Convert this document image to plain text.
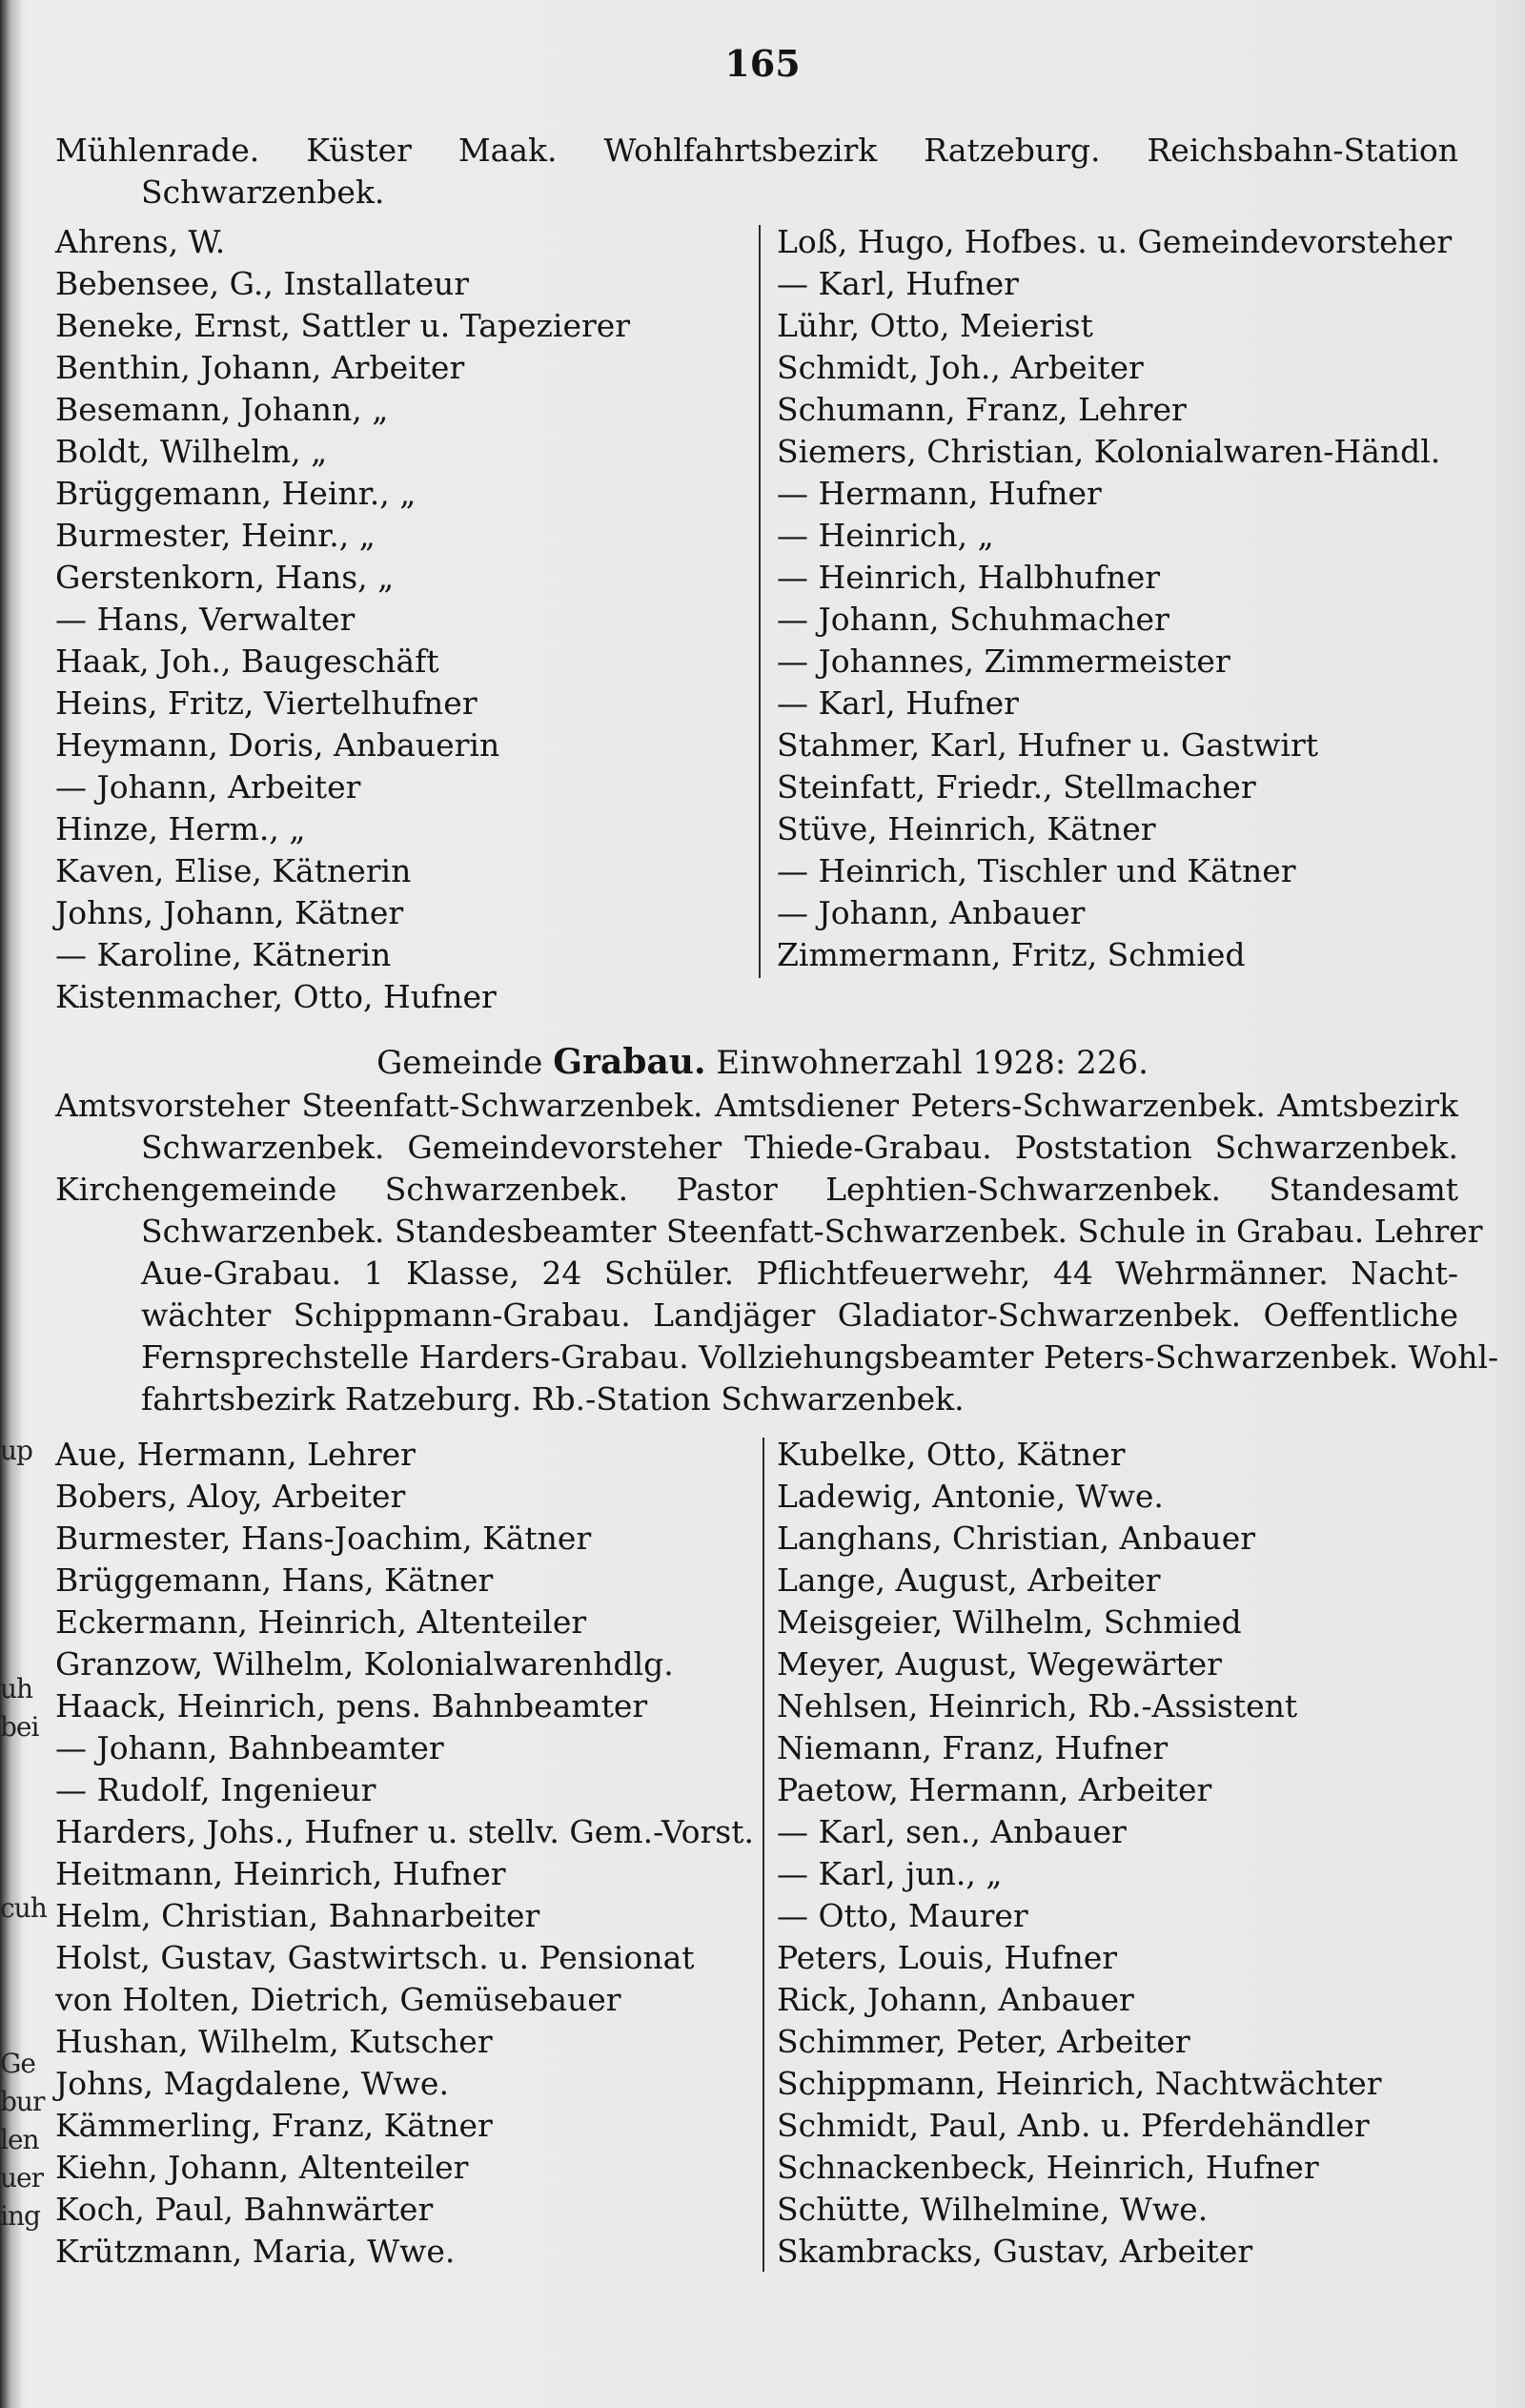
up
uh
bei
cuh
Ge
bur
len
uer
ing
165
Mühlenrade. Küster Maak. Wohlfahrtsbezirk Ratzeburg. Reichsbahn-Station
Schwarzenbek.
Ahrens, W.
Bebensee, G., Installateur
Beneke, Ernst, Sattler u. Tapezierer
Benthin, Johann, Arbeiter
Besemann, Johann, „
Boldt, Wilhelm, „
Brüggemann, Heinr., „
Burmester, Heinr., „
Gerstenkorn, Hans, „
— Hans, Verwalter
Haak, Joh., Baugeschäft
Heins, Fritz, Viertelhufner
Heymann, Doris, Anbauerin
— Johann, Arbeiter
Hinze, Herm., „
Kaven, Elise, Kätnerin
Johns, Johann, Kätner
— Karoline, Kätnerin
Kistenmacher, Otto, Hufner
Loß, Hugo, Hofbes. u. Gemeindevorsteher
— Karl, Hufner
Lühr, Otto, Meierist
Schmidt, Joh., Arbeiter
Schumann, Franz, Lehrer
Siemers, Christian, Kolonialwaren-Händl.
— Hermann, Hufner
— Heinrich, „
— Heinrich, Halbhufner
— Johann, Schuhmacher
— Johannes, Zimmermeister
— Karl, Hufner
Stahmer, Karl, Hufner u. Gastwirt
Steinfatt, Friedr., Stellmacher
Stüve, Heinrich, Kätner
— Heinrich, Tischler und Kätner
— Johann, Anbauer
Zimmermann, Fritz, Schmied
Gemeinde Grabau. Einwohnerzahl 1928: 226.
Amtsvorsteher Steenfatt-Schwarzenbek. Amtsdiener Peters-Schwarzenbek. Amtsbezirk
Schwarzenbek. Gemeindevorsteher Thiede-Grabau. Poststation Schwarzenbek.
Kirchengemeinde Schwarzenbek. Pastor Lephtien-Schwarzenbek. Standesamt
Schwarzenbek. Standesbeamter Steenfatt-Schwarzenbek. Schule in Grabau. Lehrer
Aue-Grabau. 1 Klasse, 24 Schüler. Pflichtfeuerwehr, 44 Wehrmänner. Nacht-
wächter Schippmann-Grabau. Landjäger Gladiator-Schwarzenbek. Oeffentliche
Fernsprechstelle Harders-Grabau. Vollziehungsbeamter Peters-Schwarzenbek. Wohl-
fahrtsbezirk Ratzeburg. Rb.-Station Schwarzenbek.
Aue, Hermann, Lehrer
Bobers, Aloy, Arbeiter
Burmester, Hans-Joachim, Kätner
Brüggemann, Hans, Kätner
Eckermann, Heinrich, Altenteiler
Granzow, Wilhelm, Kolonialwarenhdlg.
Haack, Heinrich, pens. Bahnbeamter
— Johann, Bahnbeamter
— Rudolf, Ingenieur
Harders, Johs., Hufner u. stellv. Gem.-Vorst.
Heitmann, Heinrich, Hufner
Helm, Christian, Bahnarbeiter
Holst, Gustav, Gastwirtsch. u. Pensionat
von Holten, Dietrich, Gemüsebauer
Hushan, Wilhelm, Kutscher
Johns, Magdalene, Wwe.
Kämmerling, Franz, Kätner
Kiehn, Johann, Altenteiler
Koch, Paul, Bahnwärter
Krützmann, Maria, Wwe.
Kubelke, Otto, Kätner
Ladewig, Antonie, Wwe.
Langhans, Christian, Anbauer
Lange, August, Arbeiter
Meisgeier, Wilhelm, Schmied
Meyer, August, Wegewärter
Nehlsen, Heinrich, Rb.-Assistent
Niemann, Franz, Hufner
Paetow, Hermann, Arbeiter
— Karl, sen., Anbauer
— Karl, jun., „
— Otto, Maurer
Peters, Louis, Hufner
Rick, Johann, Anbauer
Schimmer, Peter, Arbeiter
Schippmann, Heinrich, Nachtwächter
Schmidt, Paul, Anb. u. Pferdehändler
Schnackenbeck, Heinrich, Hufner
Schütte, Wilhelmine, Wwe.
Skambracks, Gustav, Arbeiter
